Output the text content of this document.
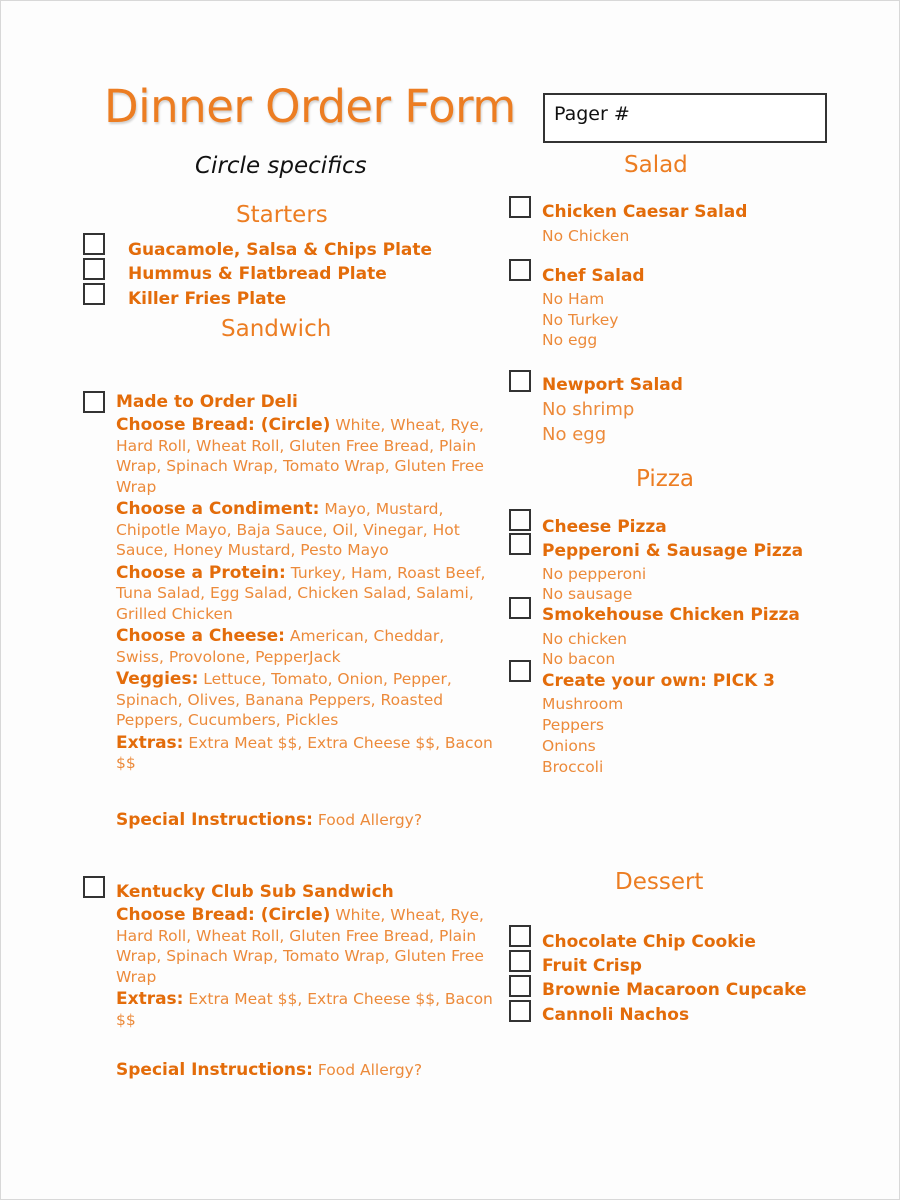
Dinner Order Form Pager #
Circle specifics
Starters
Guacamole, Salsa & Chips Plate
Hummus & Flatbread Plate
Killer Fries Plate
Sandwich
Made to Order Deli
Choose Bread: (Circle) White, Wheat, Rye, Hard Roll, Wheat Roll, Gluten Free Bread, Plain Wrap, Spinach Wrap, Tomato Wrap, Gluten Free Wrap
Choose a Condiment: Mayo, Mustard, Chipotle Mayo, Baja Sauce, Oil, Vinegar, Hot Sauce, Honey Mustard, Pesto Mayo
Choose a Protein: Turkey, Ham, Roast Beef, Tuna Salad, Egg Salad, Chicken Salad, Salami, Grilled Chicken
Choose a Cheese: American, Cheddar, Swiss, Provolone, PepperJack
Veggies: Lettuce, Tomato, Onion, Pepper, Spinach, Olives, Banana Peppers, Roasted Peppers, Cucumbers, Pickles
Extras: Extra Meat $$, Extra Cheese $$, Bacon $$
Special Instructions: Food Allergy?
Kentucky Club Sub Sandwich
Choose Bread: (Circle) White, Wheat, Rye, Hard Roll, Wheat Roll, Gluten Free Bread, Plain Wrap, Spinach Wrap, Tomato Wrap, Gluten Free Wrap
Extras: Extra Meat $$, Extra Cheese $$, Bacon $$
Special Instructions: Food Allergy?
Salad
Chicken Caesar Salad
No Chicken
Chef Salad
No Ham
No Turkey
No egg
Newport Salad
No shrimp
No egg
Pizza
Cheese Pizza
Pepperoni & Sausage Pizza
No pepperoni
No sausage
Smokehouse Chicken Pizza
No chicken
No bacon
Create your own: PICK 3
Mushroom
Peppers
Onions
Broccoli
Dessert
Chocolate Chip Cookie
Fruit Crisp
Brownie Macaroon Cupcake
Cannoli Nachos
